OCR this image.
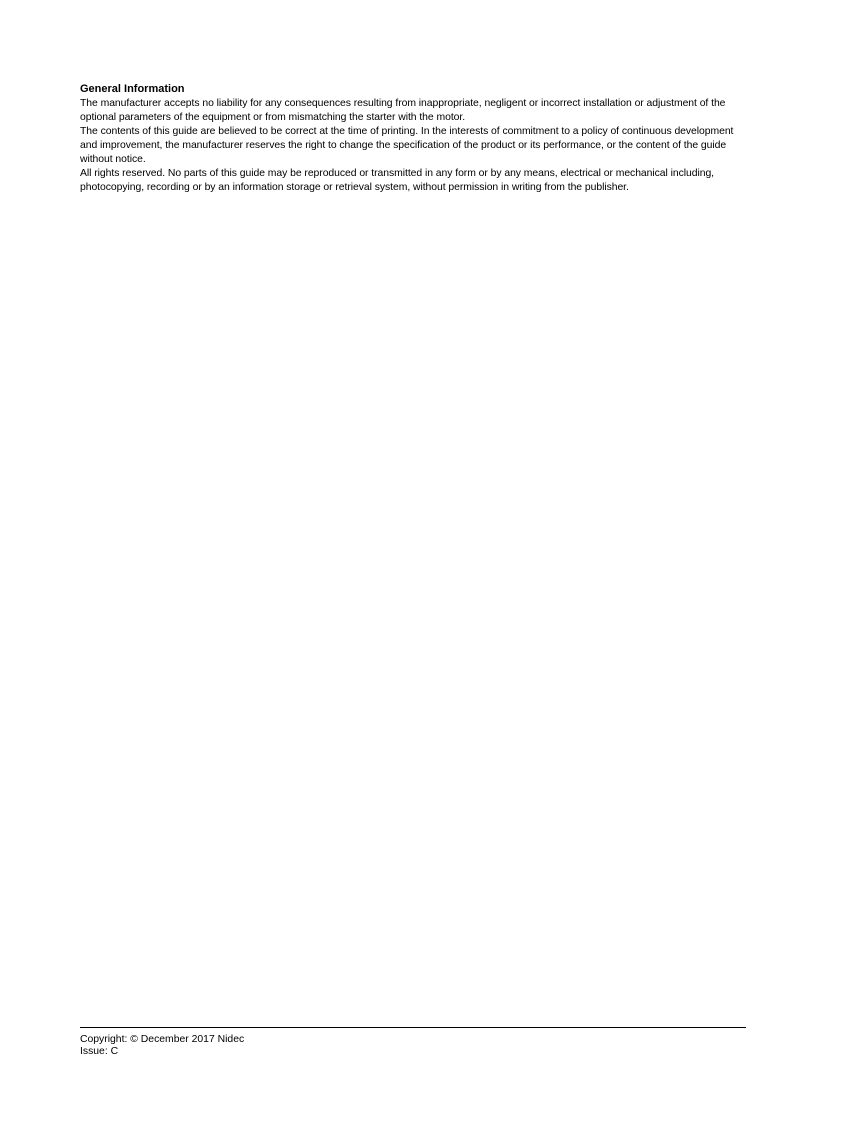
General Information

The manufacturer accepts no liability for any consequences resulting from inappropriate, negligent or incorrect installation or adjustment of the optional parameters of the equipment or from mismatching the starter with the motor.

The contents of this guide are believed to be correct at the time of printing. In the interests of commitment to a policy of continuous development and improvement, the manufacturer reserves the right to change the specification of the product or its performance, or the content of the guide without notice.

All rights reserved. No parts of this guide may be reproduced or transmitted in any form or by any means, electrical or mechanical including, photocopying, recording or by an information storage or retrieval system, without permission in writing from the publisher.

Copyright: © December 2017 Nidec

Issue: C
